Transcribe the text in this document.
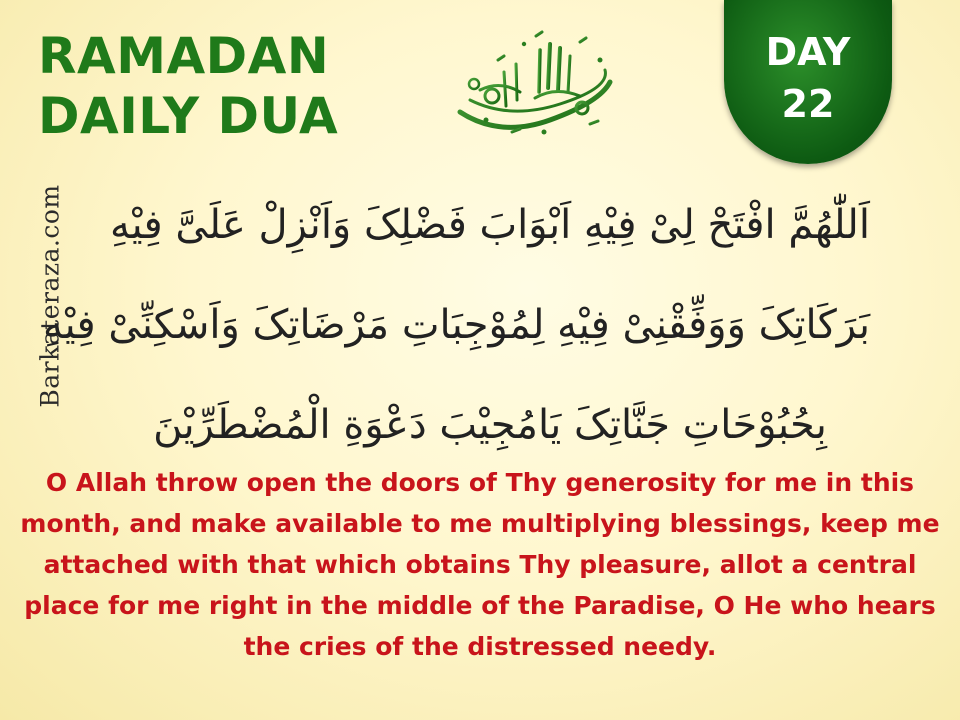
RAMADAN
DAILY DUA
DAY
22
Barkateraza.com اَللّٰهُمَّ افْتَحْ لِیْ فِیْهِ اَبْوَابَ فَضْلِکَ وَاَنْزِلْ عَلَیَّ فِیْهِ
بَرَکَاتِکَ وَوَفِّقْنِیْ فِیْهِ لِمُوْجِبَاتِ مَرْضَاتِکَ وَاَسْکِنِّیْ فِیْهِ
بِحُبُوْحَاتِ جَنَّاتِکَ یَامُجِیْبَ دَعْوَةِ الْمُضْطَرِّیْنَ

O Allah throw open the doors of Thy generosity for me in this month, and make available to me multiplying blessings, keep me attached with that which obtains Thy pleasure, allot a central place for me right in the middle of the Paradise, O He who hears the cries of the distressed needy.
